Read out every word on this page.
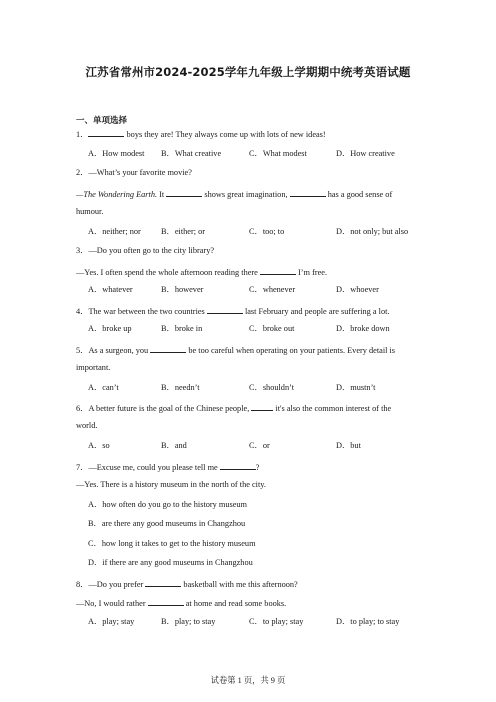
江苏省常州市2024-2025学年九年级上学期期中统考英语试题
一、单项选择
1．	boys they are! They always come up with lots of new ideas!
A．How modest B．What creative	C．What modest	D．How creative
2．—What’s your favorite movie?
—The Wondering Earth. It	shows great imagination,	has a good sense of
humour.
A．neither; nor B．either; or	C．too; to	D．not only; but also
3．—Do you often go to the city library?
—Yes. I often spend the whole afternoon reading there	I’m free.
A．whatever	B．however	C．whenever	D．whoever
4．The war between the two countries	last February and people are suffering a lot.
A．broke up	B．broke in	C．broke out	D．broke down
5．As a surgeon, you	be too careful when operating on your patients. Every detail is
important.
A．can’t	B．needn’t	C．shouldn’t	D．mustn’t
6．A better future is the goal of the Chinese people,	it's also the common interest of the
world.
A．so	B．and	C．or	D．but
7．—Excuse me, could you please tell me	?
—Yes. There is a history museum in the north of the city.
A．how often do you go to the history museum
B．are there any good museums in Changzhou
C．how long it takes to get to the history museum
D．if there are any good museums in Changzhou
8．—Do you prefer	basketball with me this afternoon?
—No, I would rather	at home and read some books.
A．play; stay	B．play; to stay	C．to play; stay	D．to play; to stay
试卷第 1 页，共 9 页
